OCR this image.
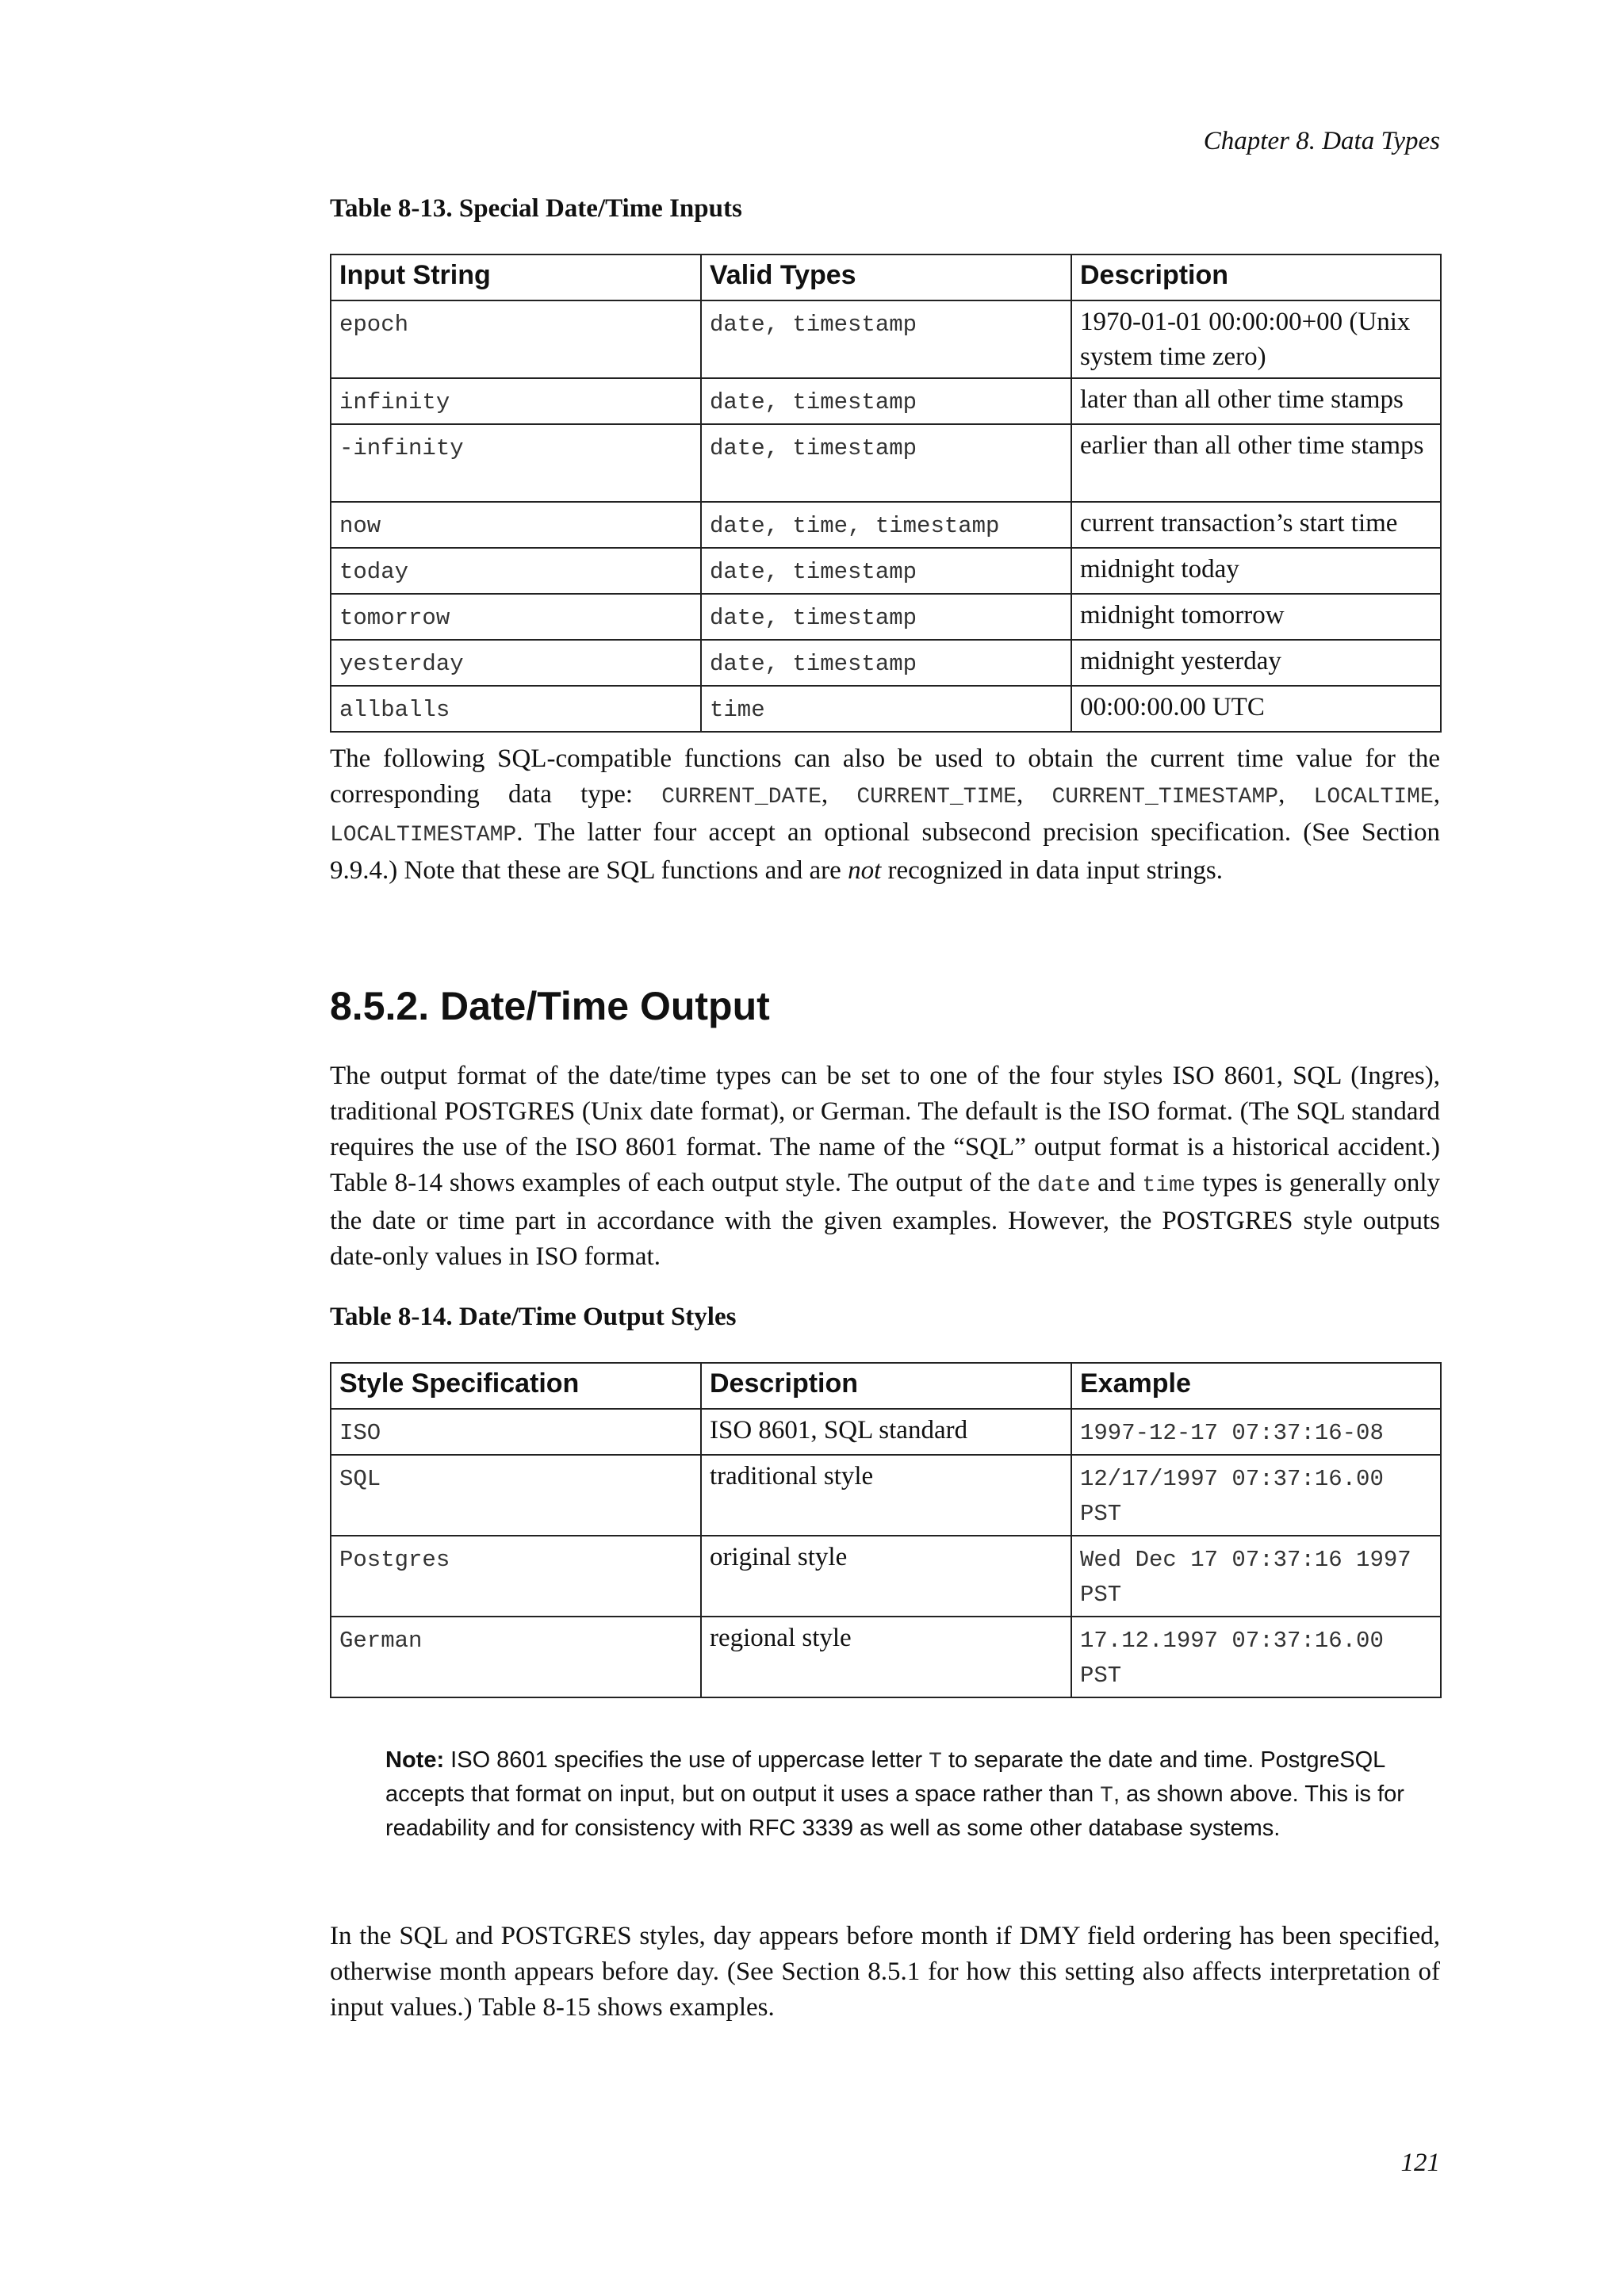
Chapter 8. Data Types
Table 8-13. Special Date/Time Inputs
Input String	Valid Types	Description
epoch	date, timestamp	1970-01-01 00:00:00+00 (Unix system time zero)
infinity	date, timestamp	later than all other time stamps
-infinity	date, timestamp	earlier than all other time stamps
now	date, time, timestamp	current transaction’s start time
today	date, timestamp	midnight today
tomorrow	date, timestamp	midnight tomorrow
yesterday	date, timestamp	midnight yesterday
allballs	time	00:00:00.00 UTC
The following SQL-compatible functions can also be used to obtain the current time value for the corresponding data type: CURRENT_DATE, CURRENT_TIME, CURRENT_TIMESTAMP, LOCALTIME, LOCALTIMESTAMP. The latter four accept an optional subsecond precision specification. (See Section 9.9.4.) Note that these are SQL functions and are not recognized in data input strings.
8.5.2. Date/Time Output
The output format of the date/time types can be set to one of the four styles ISO 8601, SQL (Ingres), traditional POSTGRES (Unix date format), or German. The default is the ISO format. (The SQL standard requires the use of the ISO 8601 format. The name of the “SQL” output format is a historical accident.) Table 8-14 shows examples of each output style. The output of the date and time types is generally only the date or time part in accordance with the given examples. However, the POSTGRES style outputs date-only values in ISO format.
Table 8-14. Date/Time Output Styles
Style Specification	Description	Example
ISO	ISO 8601, SQL standard	1997-12-17 07:37:16-08
SQL	traditional style	12/17/1997 07:37:16.00 PST
Postgres	original style	Wed Dec 17 07:37:16 1997 PST
German	regional style	17.12.1997 07:37:16.00 PST
Note: ISO 8601 specifies the use of uppercase letter T to separate the date and time. PostgreSQL accepts that format on input, but on output it uses a space rather than T, as shown above. This is for readability and for consistency with RFC 3339 as well as some other database systems.
In the SQL and POSTGRES styles, day appears before month if DMY field ordering has been specified, otherwise month appears before day. (See Section 8.5.1 for how this setting also affects interpretation of input values.) Table 8-15 shows examples.
121
